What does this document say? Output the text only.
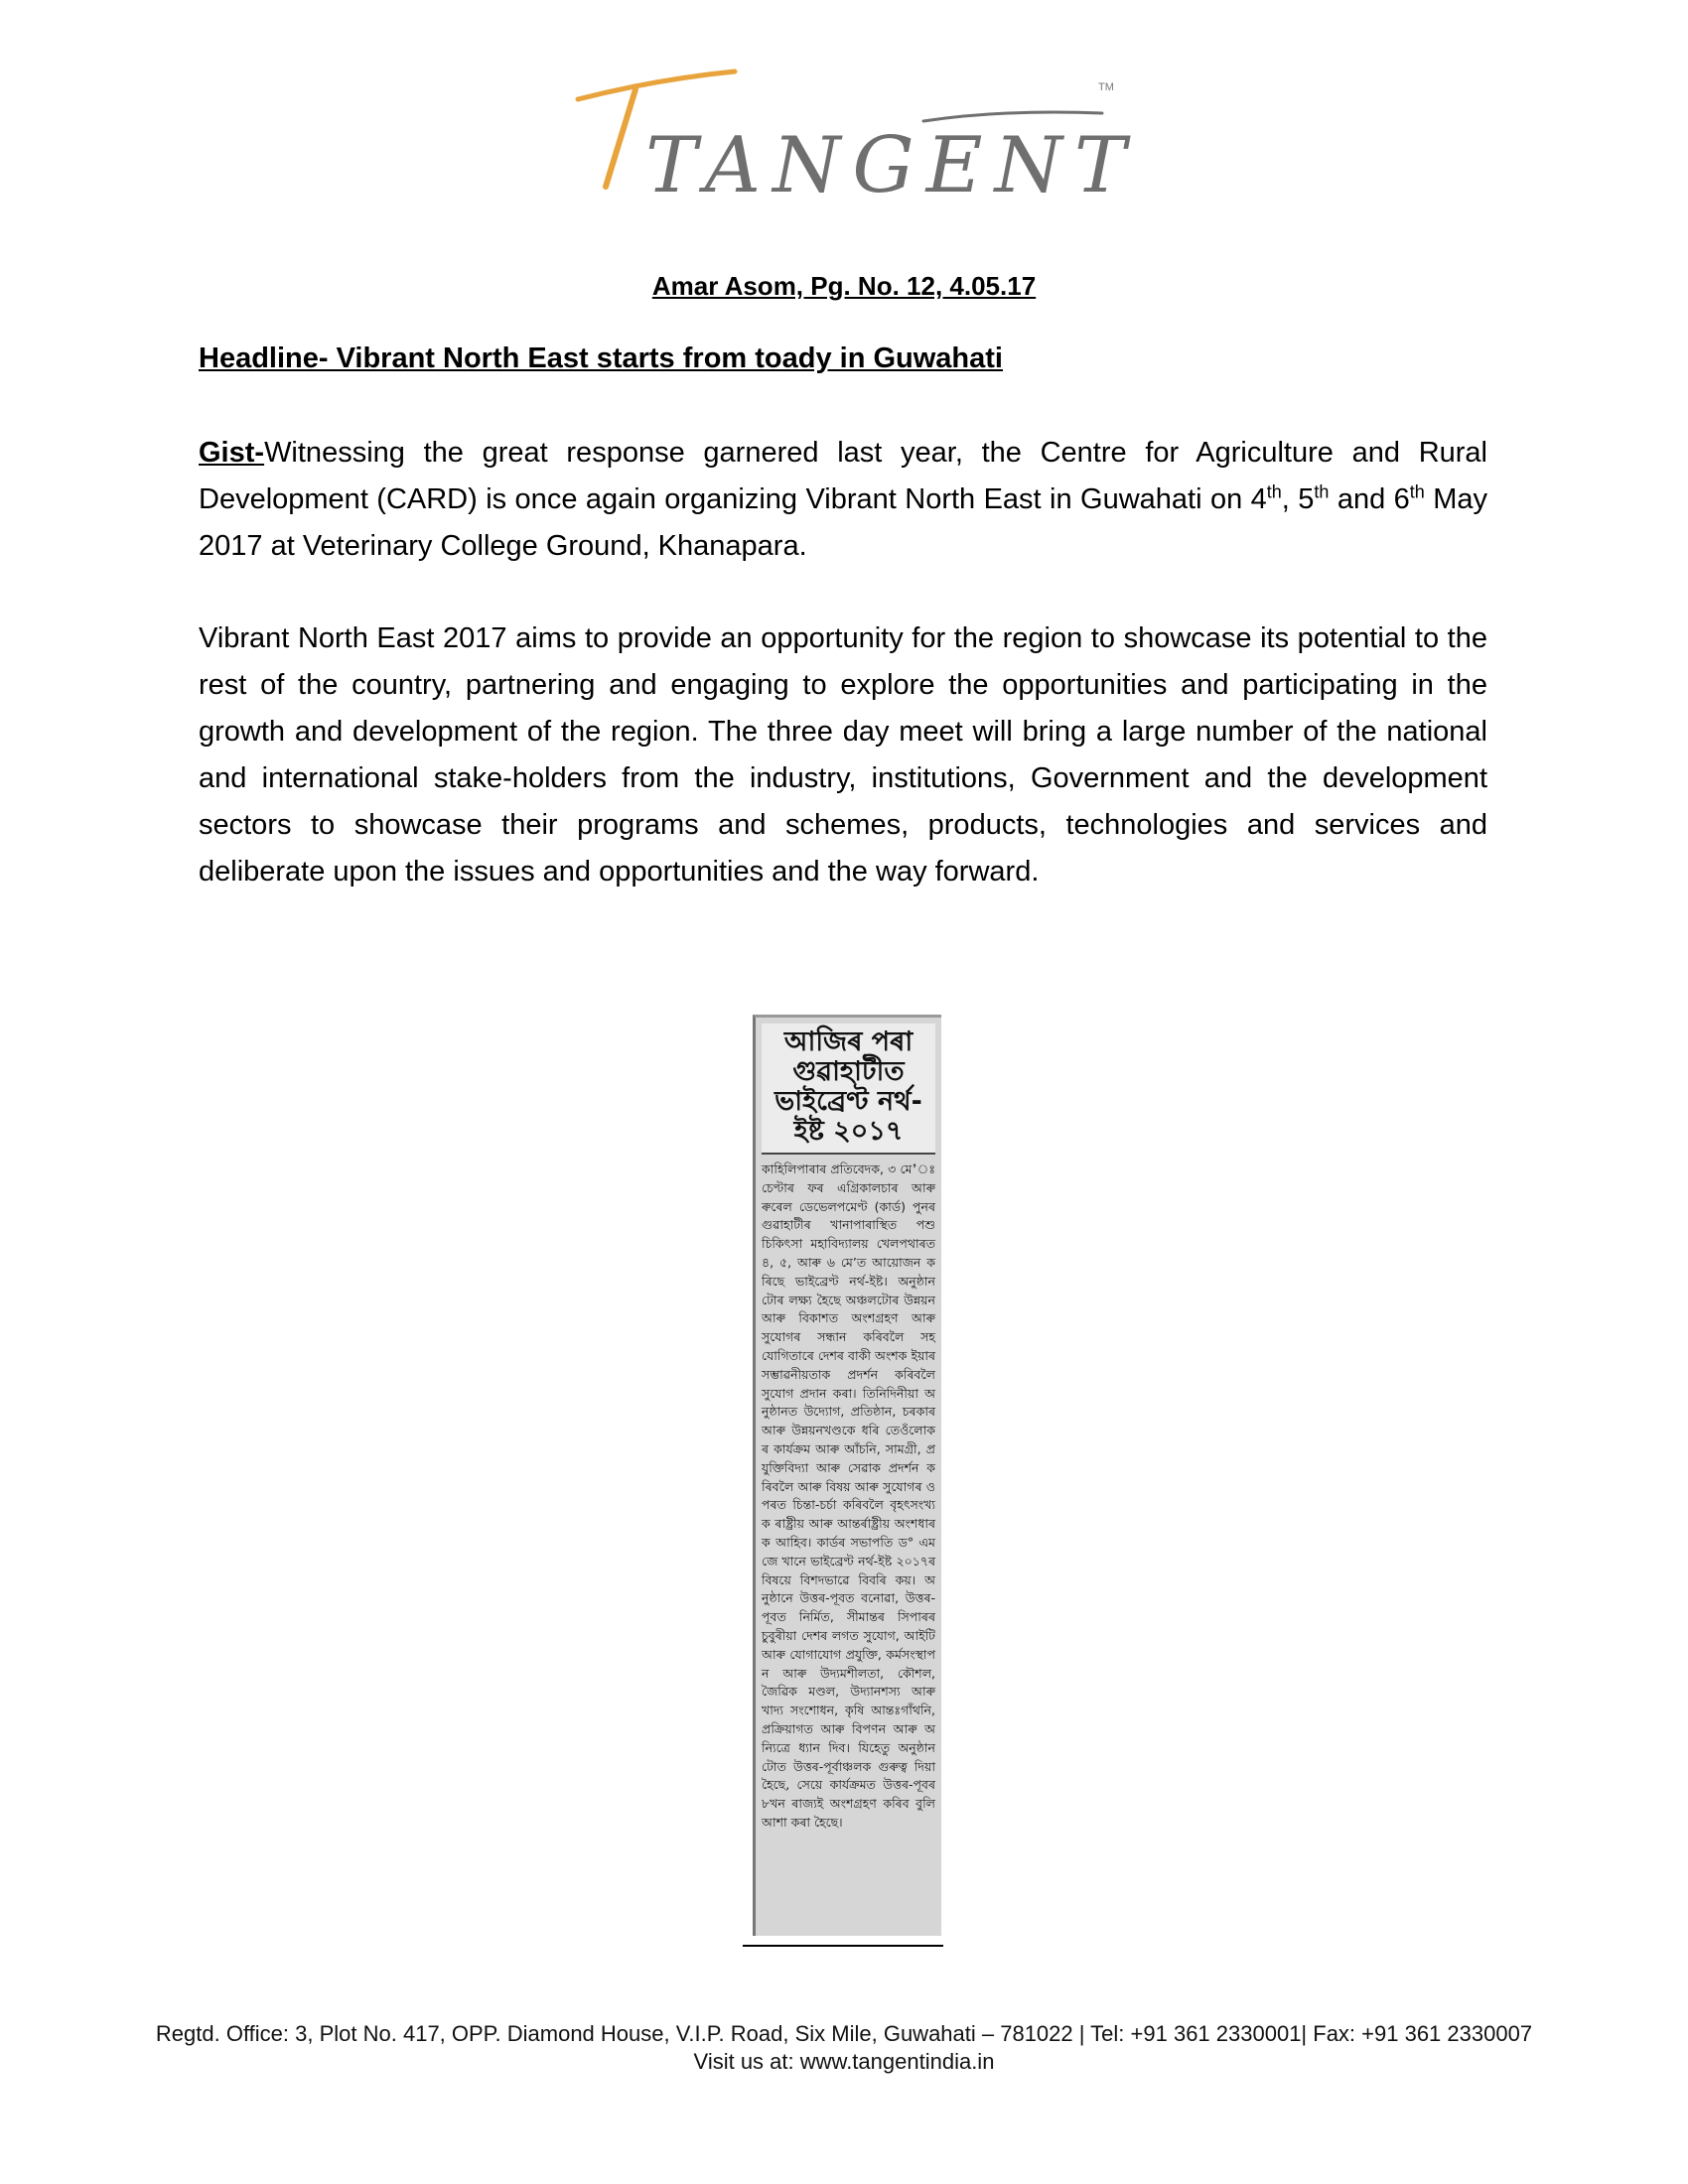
TANGENT
TM
Amar Asom, Pg. No. 12, 4.05.17
Headline- Vibrant North East starts from toady in Guwahati
Gist-Witnessing the great response garnered last year, the Centre for Agriculture and Rural Development (CARD) is once again organizing Vibrant North East in Guwahati on 4th, 5th and 6th May 2017 at Veterinary College Ground, Khanapara.
Vibrant North East 2017 aims to provide an opportunity for the region to showcase its potential to the rest of the country, partnering and engaging to explore the opportunities and participating in the growth and development of the region. The three day meet will bring a large number of the national and international stake-holders from the industry, institutions, Government and the development sectors to showcase their programs and schemes, products, technologies and services and deliberate upon the issues and opportunities and the way forward.
আজিৰ পৰা গুৱাহাটীত ভাইব্ৰেণ্ট নৰ্থ-ইষ্ট ২০১৭
কাহিলিপাৰাৰ প্ৰতিবেদক, ৩ মে’ঃ চেণ্টাৰ ফৰ এগ্ৰিকালচাৰ আৰু ৰুৰেল ডেভেলপমেণ্ট (কাৰ্ড) পুনৰ গুৱাহাটীৰ খানাপাৰাস্থিত পশু চিকিৎসা মহাবিদ্যালয় খেলপথাৰত ৪, ৫, আৰু ৬ মে’ত আয়োজন কৰিছে ভাইব্ৰেণ্ট নৰ্থ-ইষ্ট। অনুষ্ঠানটোৰ লক্ষ্য হৈছে অঞ্চলটোৰ উন্নয়ন আৰু বিকাশত অংশগ্ৰহণ আৰু সুযোগৰ সন্ধান কৰিবলৈ সহযোগিতাৰে দেশৰ বাকী অংশক ইয়াৰ সম্ভাৱনীয়তাক প্ৰদৰ্শন কৰিবলৈ সুযোগ প্ৰদান কৰা। তিনিদিনীয়া অনুষ্ঠানত উদ্যোগ, প্ৰতিষ্ঠান, চৰকাৰ আৰু উন্নয়নখণ্ডকে ধৰি তেওঁলোকৰ কাৰ্যক্ৰম আৰু আঁচনি, সামগ্ৰী, প্ৰযুক্তিবিদ্যা আৰু সেৱাক প্ৰদৰ্শন কৰিবলৈ আৰু বিষয় আৰু সুযোগৰ ওপৰত চিন্তা-চৰ্চা কৰিবলৈ বৃহৎসংখ্যক ৰাষ্ট্ৰীয় আৰু আন্তৰ্ৰাষ্ট্ৰীয় অংশধাৰক আহিব। কাৰ্ডৰ সভাপতি ড° এম জে খানে ভাইব্ৰেণ্ট নৰ্থ-ইষ্ট ২০১৭ৰ বিষয়ে বিশদভাৱে বিবৰি কয়। অনুষ্ঠানে উত্তৰ-পূবত বনোৱা, উত্তৰ-পূবত নিৰ্মিত, সীমান্তৰ সিপাৰৰ চুবুৰীয়া দেশৰ লগত সুযোগ, আইটি আৰু যোগাযোগ প্ৰযুক্তি, কৰ্মসংস্থাপন আৰু উদ্যমশীলতা, কৌশল, জৈৱিক মণ্ডল, উদ্যানশস্য আৰু খাদ্য সংশোধন, কৃষি আন্তঃগাঁথনি, প্ৰক্ৰিয়াগত আৰু বিপণন আৰু অন্যিত্ৰে ধ্যান দিব। যিহেতু অনুষ্ঠানটোত উত্তৰ-পূৰ্বাঞ্চলক গুৰুত্ব দিয়া হৈছে, সেয়ে কাৰ্যক্ৰমত উত্তৰ-পূবৰ ৮খন ৰাজ্যই অংশগ্ৰহণ কৰিব বুলি আশা কৰা হৈছে।
Regtd. Office: 3, Plot No. 417, OPP. Diamond House, V.I.P. Road, Six Mile, Guwahati – 781022 | Tel: +91 361 2330001| Fax: +91 361 2330007
Visit us at: www.tangentindia.in
